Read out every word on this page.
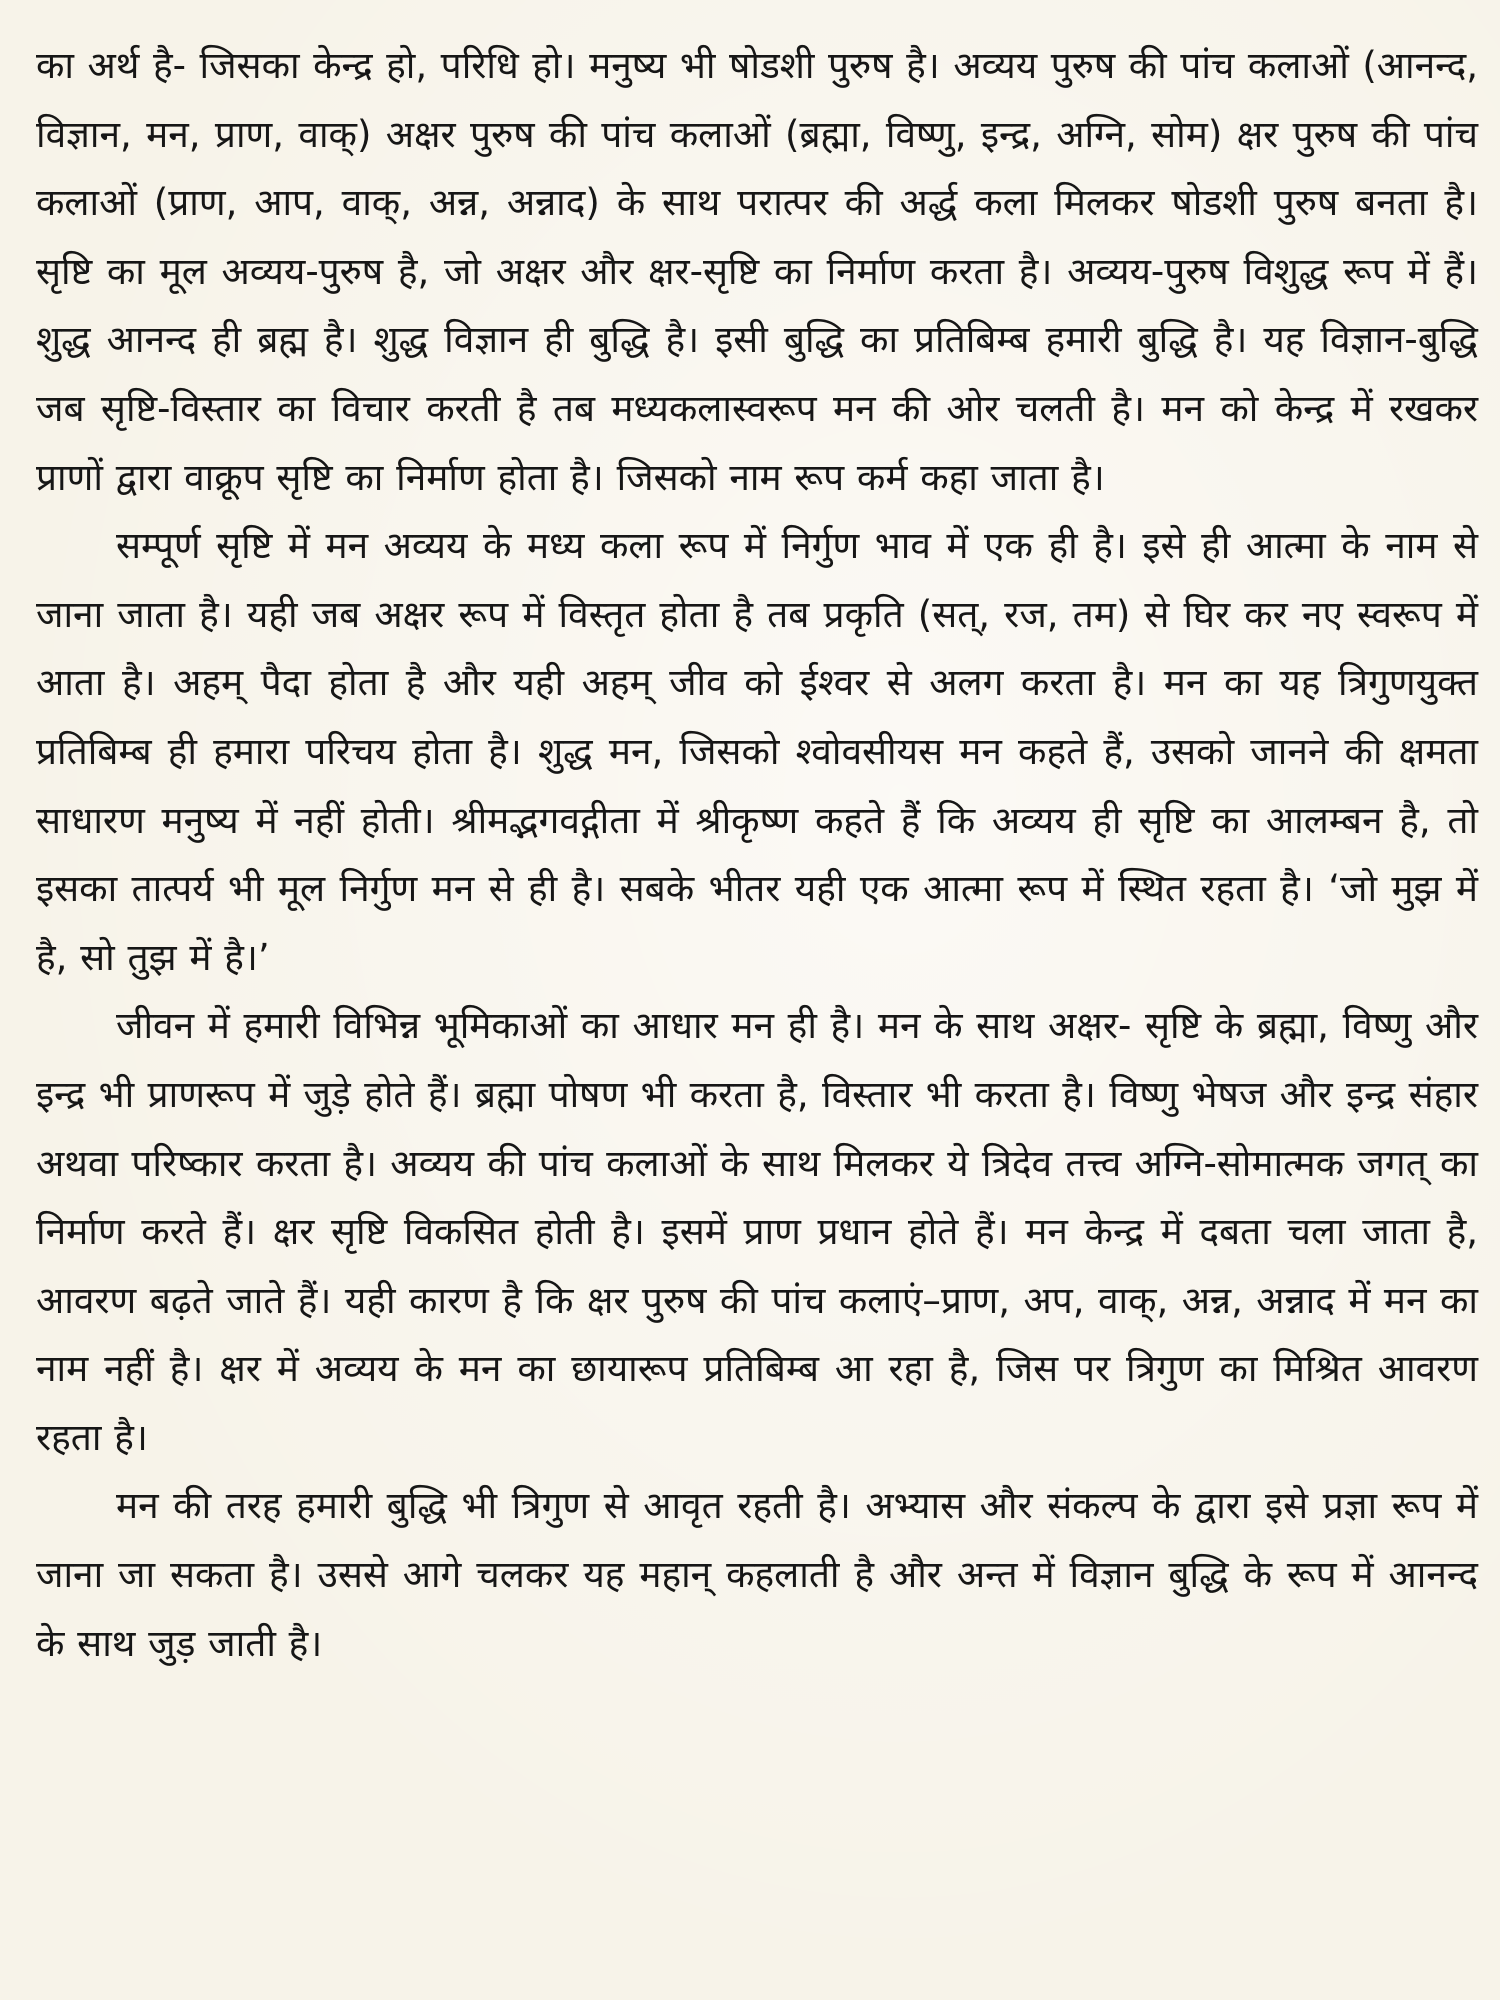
का अर्थ है- जिसका केन्द्र हो, परिधि हो। मनुष्य भी षोडशी पुरुष है। अव्यय पुरुष की पांच कलाओं (आनन्द, विज्ञान, मन, प्राण, वाक्) अक्षर पुरुष की पांच कलाओं (ब्रह्मा, विष्णु, इन्द्र, अग्नि, सोम) क्षर पुरुष की पांच कलाओं (प्राण, आप, वाक्, अन्न, अन्नाद) के साथ परात्पर की अर्द्ध कला मिलकर षोडशी पुरुष बनता है। सृष्टि का मूल अव्यय-पुरुष है, जो अक्षर और क्षर-सृष्टि का निर्माण करता है। अव्यय-पुरुष विशुद्ध रूप में हैं। शुद्ध आनन्द ही ब्रह्म है। शुद्ध विज्ञान ही बुद्धि है। इसी बुद्धि का प्रतिबिम्ब हमारी बुद्धि है। यह विज्ञान-बुद्धि जब सृष्टि-विस्तार का विचार करती है तब मध्यकलास्वरूप मन की ओर चलती है। मन को केन्द्र में रखकर प्राणों द्वारा वाक्रूप सृष्टि का निर्माण होता है। जिसको नाम रूप कर्म कहा जाता है।

सम्पूर्ण सृष्टि में मन अव्यय के मध्य कला रूप में निर्गुण भाव में एक ही है। इसे ही आत्मा के नाम से जाना जाता है। यही जब अक्षर रूप में विस्तृत होता है तब प्रकृति (सत्, रज, तम) से घिर कर नए स्वरूप में आता है। अहम् पैदा होता है और यही अहम् जीव को ईश्वर से अलग करता है। मन का यह त्रिगुणयुक्त प्रतिबिम्ब ही हमारा परिचय होता है। शुद्ध मन, जिसको श्वोवसीयस मन कहते हैं, उसको जानने की क्षमता साधारण मनुष्य में नहीं होती। श्रीमद्भगवद्गीता में श्रीकृष्ण कहते हैं कि अव्यय ही सृष्टि का आलम्बन है, तो इसका तात्पर्य भी मूल निर्गुण मन से ही है। सबके भीतर यही एक आत्मा रूप में स्थित रहता है। ‘जो मुझ में है, सो तुझ में है।’

जीवन में हमारी विभिन्न भूमिकाओं का आधार मन ही है। मन के साथ अक्षर- सृष्टि के ब्रह्मा, विष्णु और इन्द्र भी प्राणरूप में जुड़े होते हैं। ब्रह्मा पोषण भी करता है, विस्तार भी करता है। विष्णु भेषज और इन्द्र संहार अथवा परिष्कार करता है। अव्यय की पांच कलाओं के साथ मिलकर ये त्रिदेव तत्त्व अग्नि-सोमात्मक जगत् का निर्माण करते हैं। क्षर सृष्टि विकसित होती है। इसमें प्राण प्रधान होते हैं। मन केन्द्र में दबता चला जाता है, आवरण बढ़ते जाते हैं। यही कारण है कि क्षर पुरुष की पांच कलाएं–प्राण, अप, वाक्, अन्न, अन्नाद में मन का नाम नहीं है। क्षर में अव्यय के मन का छायारूप प्रतिबिम्ब आ रहा है, जिस पर त्रिगुण का मिश्रित आवरण रहता है।

मन की तरह हमारी बुद्धि भी त्रिगुण से आवृत रहती है। अभ्यास और संकल्प के द्वारा इसे प्रज्ञा रूप में जाना जा सकता है। उससे आगे चलकर यह महान् कहलाती है और अन्त में विज्ञान बुद्धि के रूप में आनन्द के साथ जुड़ जाती है।
